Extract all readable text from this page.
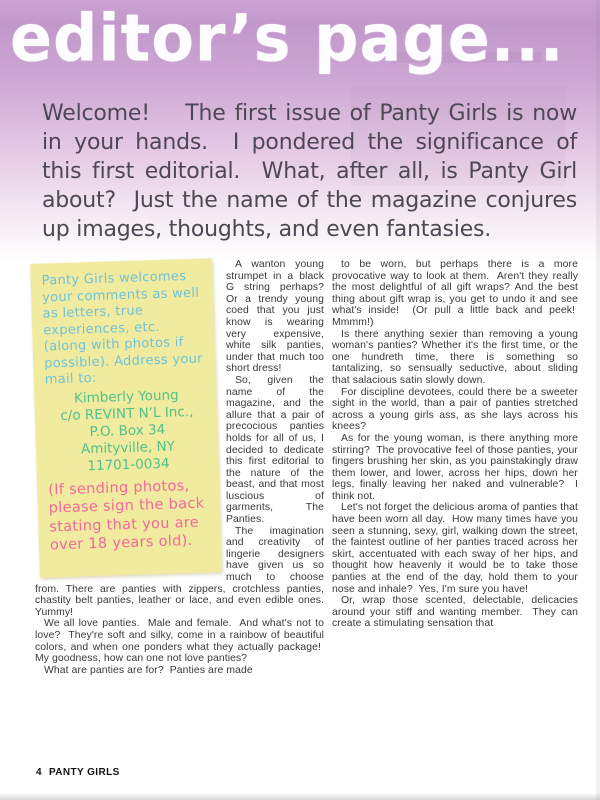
editor’s page...
Welcome!    The first issue of Panty Girls is now in your hands.  I pondered the significance of this first editorial.  What, after all, is Panty Girl about?  Just the name of the magazine conjures up images, thoughts, and even fantasies.
Panty Girls welcomes your comments as well as letters, true experiences, etc. (along with photos if possible). Address your mail to:
Kimberly Young
c/o REVINT N’L Inc.,
P.O. Box 34
Amityville, NY
11701-0034
(If sending photos, please sign the back stating that you are over 18 years old).

A wanton young strumpet in a black G string perhaps? Or a trendy young coed that you just know is wearing very expensive, white silk panties, under that much too short dress!

So, given the name of the magazine, and the allure that a pair of precocious panties holds for all of us, I decided to dedicate this first editorial to the nature of the beast, and that most luscious of garments, The Panties.

The imagination and creativity of lingerie designers have given us so much to choose from. There are panties with zippers, crotchless panties, chastity belt panties, leather or lace, and even edible ones. Yummy!

We all love panties.  Male and female.  And what's not to love?  They're soft and silky, come in a rainbow of beautiful colors, and when one ponders what they actually package!  My goodness, how can one not love panties?

What are panties are for?  Panties are made

to be worn, but perhaps there is a more provocative way to look at them.  Aren't they really the most delightful of all gift wraps? And the best thing about gift wrap is, you get to undo it and see what's inside!  (Or pull a little back and peek!  Mmmm!)

Is there anything sexier than removing a young woman's panties? Whether it's the first time, or the one hundreth time, there is something so tantalizing, so sensually seductive, about sliding that salacious satin slowly down.

For discipline devotees, could there be a sweeter sight in the world, than a pair of panties stretched across a young girls ass, as she lays across his knees?

As for the young woman, is there anything more stirring?  The provocative feel of those panties, your fingers brushing her skin, as you painstakingly draw them lower, and lower, across her hips, down her legs, finally leaving her naked and vulnerable?  I think not.

Let's not forget the delicious aroma of panties that have been worn all day.  How many times have you seen a stunning, sexy, girl, walking down the street, the faintest outline of her panties traced across her skirt, accentuated with each sway of her hips, and thought how heavenly it would be to take those panties at the end of the day, hold them to your nose and inhale?  Yes, I'm sure you have!

Or, wrap those scented, delectable, delicacies around your stiff and wanting member.  They can create a stimulating sensation that

4 PANTY GIRLS
